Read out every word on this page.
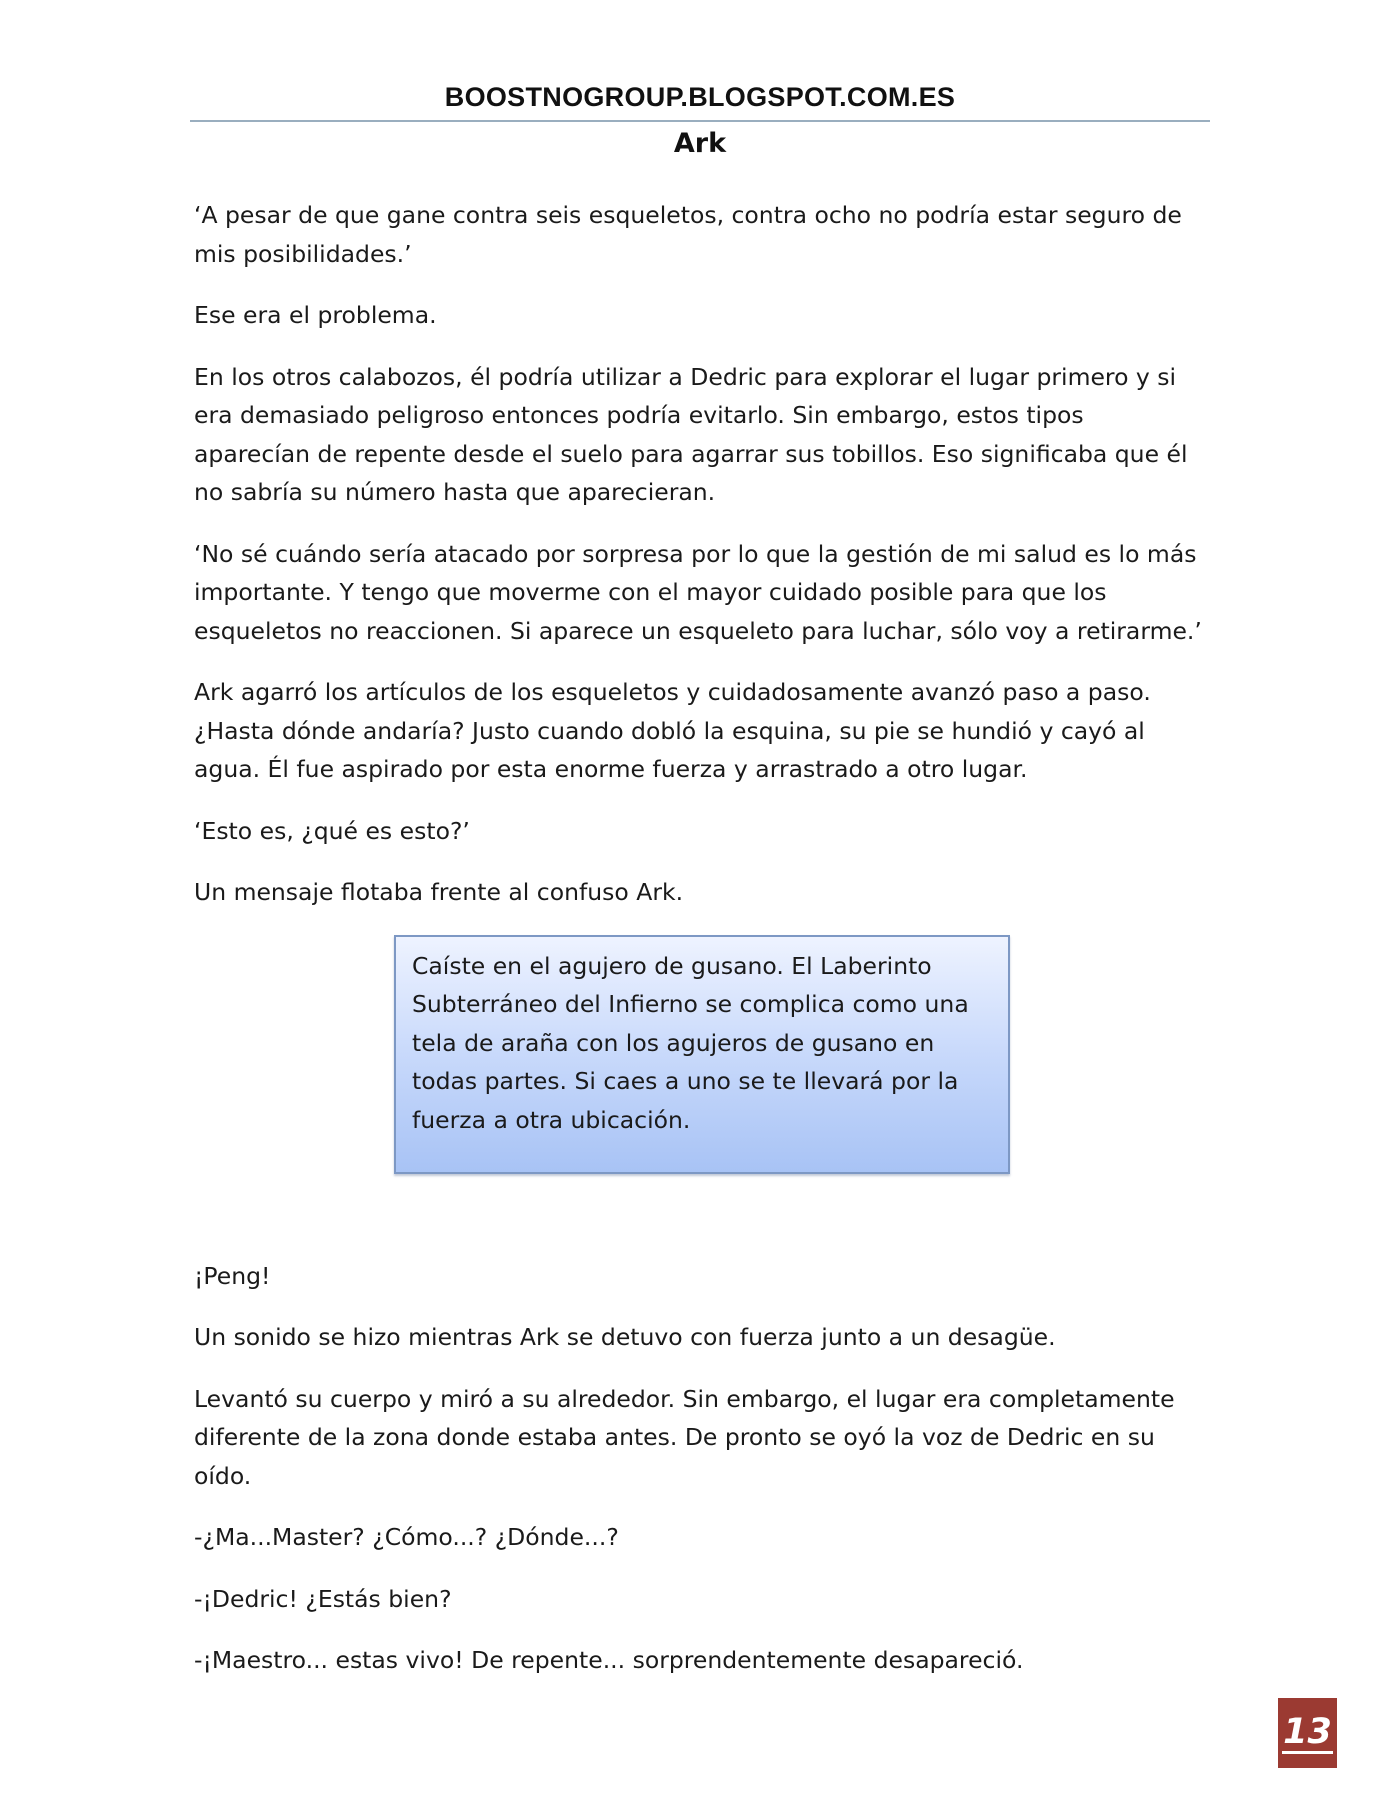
BOOSTNOGROUP.BLOGSPOT.COM.ES
Ark

‘A pesar de que gane contra seis esqueletos, contra ocho no podría estar seguro de mis posibilidades.’

Ese era el problema.

En los otros calabozos, él podría utilizar a Dedric para explorar el lugar primero y si era demasiado peligroso entonces podría evitarlo. Sin embargo, estos tipos aparecían de repente desde el suelo para agarrar sus tobillos. Eso significaba que él no sabría su número hasta que aparecieran.

‘No sé cuándo sería atacado por sorpresa por lo que la gestión de mi salud es lo más importante. Y tengo que moverme con el mayor cuidado posible para que los esqueletos no reaccionen. Si aparece un esqueleto para luchar, sólo voy a retirarme.’

Ark agarró los artículos de los esqueletos y cuidadosamente avanzó paso a paso. ¿Hasta dónde andaría? Justo cuando dobló la esquina, su pie se hundió y cayó al agua. Él fue aspirado por esta enorme fuerza y arrastrado a otro lugar.

‘Esto es, ¿qué es esto?’

Un mensaje flotaba frente al confuso Ark.

Caíste en el agujero de gusano. El Laberinto Subterráneo del Infierno se complica como una tela de araña con los agujeros de gusano en todas partes. Si caes a uno se te llevará por la fuerza a otra ubicación.

¡Peng!

Un sonido se hizo mientras Ark se detuvo con fuerza junto a un desagüe.

Levantó su cuerpo y miró a su alrededor. Sin embargo, el lugar era completamente diferente de la zona donde estaba antes. De pronto se oyó la voz de Dedric en su oído.

-¿Ma...Master? ¿Cómo...? ¿Dónde...?

-¡Dedric! ¿Estás bien?

-¡Maestro... estas vivo! De repente... sorprendentemente desapareció.

13
